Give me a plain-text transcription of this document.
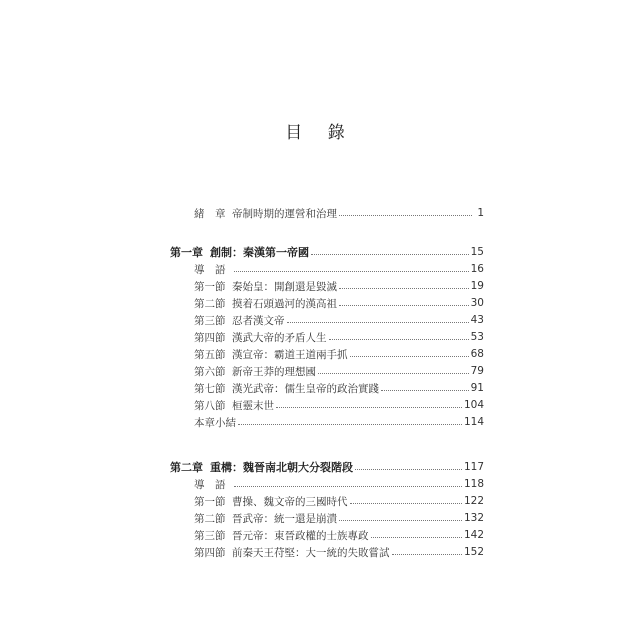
目 錄
緒　章 帝制時期的運營和治理	1
第一章 創制：秦漢第一帝國	15
導　語	16
第一節 秦始皇：開創還是毀滅	19
第二節 摸着石頭過河的漢高祖	30
第三節 忍者漢文帝	43
第四節 漢武大帝的矛盾人生	53
第五節 漢宣帝：霸道王道兩手抓	68
第六節 新帝王莽的理想國	79
第七節 漢光武帝：儒生皇帝的政治實踐	91
第八節 桓靈末世	104
本章小結	114
第二章 重構：魏晉南北朝大分裂階段	117
導　語	118
第一節 曹操、魏文帝的三國時代	122
第二節 晉武帝：統一還是崩潰	132
第三節 晉元帝：東晉政權的士族專政	142
第四節 前秦天王苻堅：大一統的失敗嘗試	152
